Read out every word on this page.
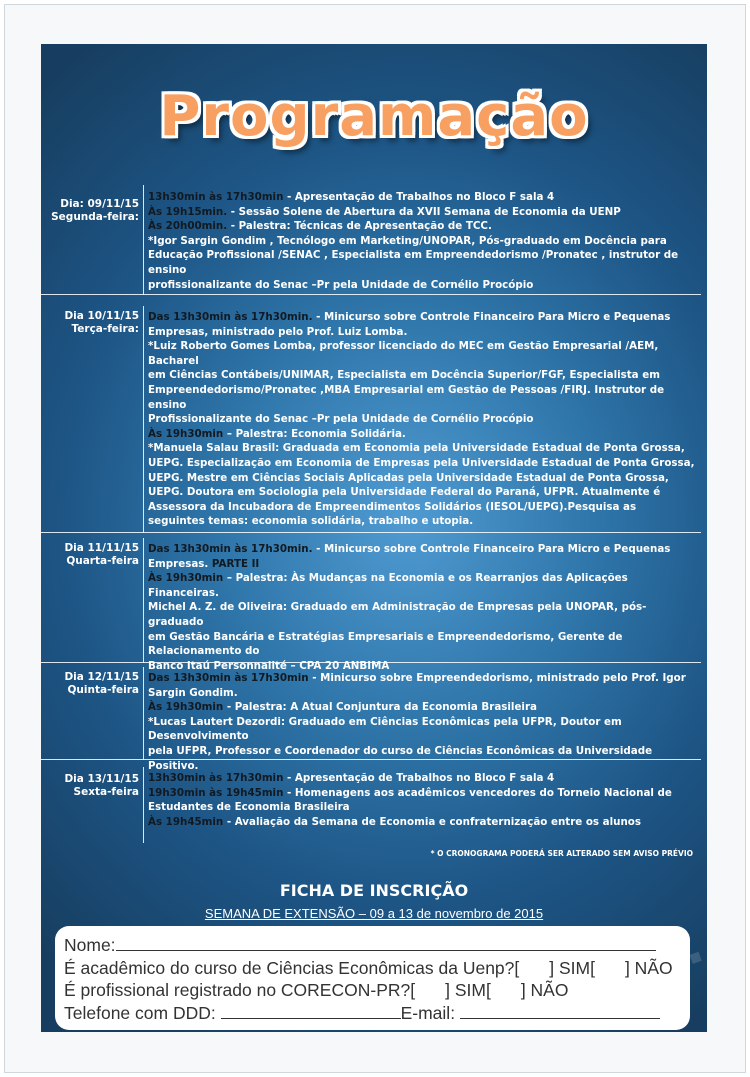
Programação
Dia: 09/11/15
Segunda-feira:

13h30min às 17h30min - Apresentação de Trabalhos no Bloco F sala 4

Às 19h15min. - Sessão Solene de Abertura da XVII Semana de Economia da UENP

Às 20h00min. - Palestra: Técnicas de Apresentação de TCC.

*Igor Sargin Gondim , Tecnólogo em Marketing/UNOPAR, Pós-graduado em Docência para Educação Profissional /SENAC , Especialista em Empreendedorismo /Pronatec , instrutor de ensino

profissionalizante do Senac –Pr pela Unidade de Cornélio Procópio

Dia 10/11/15
Terça-feira:

Das 13h30min às 17h30min. - Minicurso sobre Controle Financeiro Para Micro e Pequenas Empresas, ministrado pelo Prof. Luiz Lomba.

*Luiz Roberto Gomes Lomba, professor licenciado do MEC em Gestão Empresarial /AEM, Bacharel

em Ciências Contábeis/UNIMAR, Especialista em Docência Superior/FGF, Especialista em Empreendedorismo/Pronatec ,MBA Empresarial em Gestão de Pessoas /FIRJ. Instrutor de ensino

Profissionalizante do Senac –Pr pela Unidade de Cornélio Procópio

Às 19h30min – Palestra: Economia Solidária.

*Manuela Salau Brasil: Graduada em Economia pela Universidade Estadual de Ponta Grossa, UEPG. Especialização em Economia de Empresas pela Universidade Estadual de Ponta Grossa, UEPG. Mestre em Ciências Sociais Aplicadas pela Universidade Estadual de Ponta Grossa, UEPG. Doutora em Sociologia pela Universidade Federal do Paraná, UFPR. Atualmente é Assessora da Incubadora de Empreendimentos Solidários (IESOL/UEPG).Pesquisa as seguintes temas: economia solidária, trabalho e utopia.

Dia 11/11/15
Quarta-feira

Das 13h30min às 17h30min. - Minicurso sobre Controle Financeiro Para Micro e Pequenas Empresas. PARTE II

Às 19h30min – Palestra: Às Mudanças na Economia e os Rearranjos das Aplicações Financeiras.

Michel A. Z. de Oliveira: Graduado em Administração de Empresas pela UNOPAR, pós-graduado

em Gestão Bancária e Estratégias Empresariais e Empreendedorismo, Gerente de Relacionamento do

Banco Itaú Personnalité – CPA 20 ANBIMA

Dia 12/11/15
Quinta-feira

Das 13h30min às 17h30min - Minicurso sobre Empreendedorismo, ministrado pelo Prof. Igor Sargin Gondim.

Às 19h30min - Palestra: A Atual Conjuntura da Economia Brasileira

*Lucas Lautert Dezordi: Graduado em Ciências Econômicas pela UFPR, Doutor em Desenvolvimento

pela UFPR, Professor e Coordenador do curso de Ciências Econômicas da Universidade Positivo.

Dia 13/11/15
Sexta-feira

13h30min às 17h30min - Apresentação de Trabalhos no Bloco F sala 4

19h30min às 19h45min - Homenagens aos acadêmicos vencedores do Torneio Nacional de Estudantes de Economia Brasileira

Às 19h45min - Avaliação da Semana de Economia e confraternização entre os alunos

* O CRONOGRAMA PODERÁ SER ALTERADO SEM AVISO PRÉVIO
FICHA DE INSCRIÇÃO
SEMANA DE EXTENSÃO – 09 a 13 de novembro de 2015

Nome:

É acadêmico do curso de Ciências Econômicas da Uenp?[ ] SIM[ ] NÃO

É profissional registrado no CORECON-PR?[ ] SIM[ ] NÃO

Telefone com DDD:	E-mail:
